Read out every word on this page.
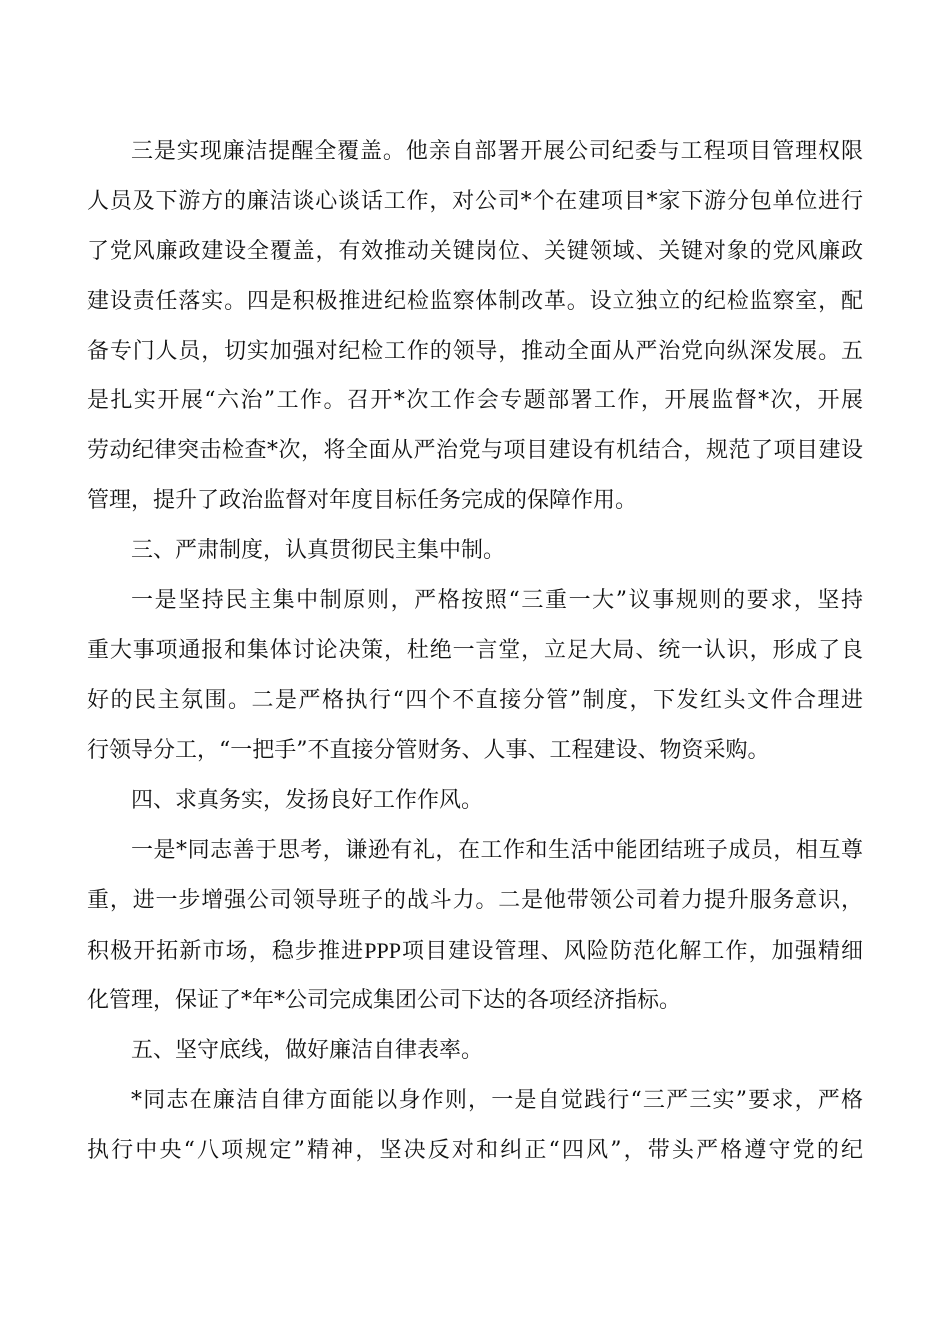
三是实现廉洁提醒全覆盖。他亲自部署开展公司纪委与工程项目管理权限
人员及下游方的廉洁谈心谈话工作，对公司*个在建项目*家下游分包单位进行
了党风廉政建设全覆盖，有效推动关键岗位、关键领域、关键对象的党风廉政
建设责任落实。四是积极推进纪检监察体制改革。设立独立的纪检监察室，配
备专门人员，切实加强对纪检工作的领导，推动全面从严治党向纵深发展。五
是扎实开展“六治”工作。召开*次工作会专题部署工作，开展监督*次，开展
劳动纪律突击检查*次，将全面从严治党与项目建设有机结合，规范了项目建设
管理，提升了政治监督对年度目标任务完成的保障作用。
三、严肃制度，认真贯彻民主集中制。
一是坚持民主集中制原则，严格按照“三重一大”议事规则的要求，坚持
重大事项通报和集体讨论决策，杜绝一言堂，立足大局、统一认识，形成了良
好的民主氛围。二是严格执行“四个不直接分管”制度，下发红头文件合理进
行领导分工，“一把手”不直接分管财务、人事、工程建设、物资采购。
四、求真务实，发扬良好工作作风。
一是*同志善于思考，谦逊有礼，在工作和生活中能团结班子成员，相互尊
重，进一步增强公司领导班子的战斗力。二是他带领公司着力提升服务意识，
积极开拓新市场，稳步推进PPP项目建设管理、风险防范化解工作，加强精细
化管理，保证了*年*公司完成集团公司下达的各项经济指标。
五、坚守底线，做好廉洁自律表率。
*同志在廉洁自律方面能以身作则，一是自觉践行“三严三实”要求，严格
执行中央“八项规定”精神，坚决反对和纠正“四风”，带头严格遵守党的纪
